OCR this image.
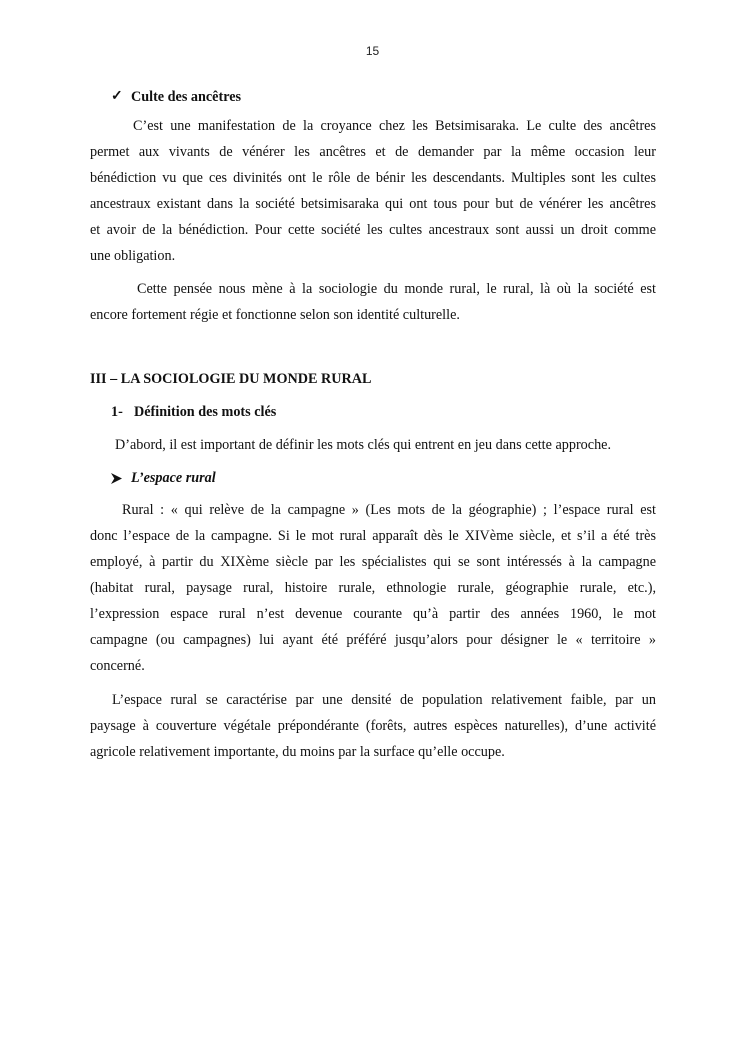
15
✓ Culte des ancêtres
C’est une manifestation de la croyance chez les Betsimisaraka. Le culte des ancêtres
permet aux vivants de vénérer les ancêtres et de demander par la même occasion leur
bénédiction vu que ces divinités ont le rôle de bénir les descendants. Multiples sont les cultes
ancestraux existant dans la société betsimisaraka qui ont tous pour but de vénérer les ancêtres
et avoir de la bénédiction. Pour cette société les cultes ancestraux sont aussi un droit comme
une obligation.
Cette pensée nous mène à la sociologie du monde rural, le rural, là où la société est
encore fortement régie et fonctionne selon son identité culturelle.
III – LA SOCIOLOGIE DU MONDE RURAL
1- Définition des mots clés
D’abord, il est important de définir les mots clés qui entrent en jeu dans cette approche.
L’espace rural
Rural : « qui relève de la campagne » (Les mots de la géographie) ; l’espace rural est
donc l’espace de la campagne. Si le mot rural apparaît dès le XIVème siècle, et s’il a été très
employé, à partir du XIXème siècle par les spécialistes qui se sont intéressés à la campagne
(habitat rural, paysage rural, histoire rurale, ethnologie rurale, géographie rurale, etc.),
l’expression espace rural n’est devenue courante qu’à partir des années 1960, le mot
campagne (ou campagnes) lui ayant été préféré jusqu’alors pour désigner le « territoire »
concerné.
L’espace rural se caractérise par une densité de population relativement faible, par un
paysage à couverture végétale prépondérante (forêts, autres espèces naturelles), d’une activité
agricole relativement importante, du moins par la surface qu’elle occupe.
